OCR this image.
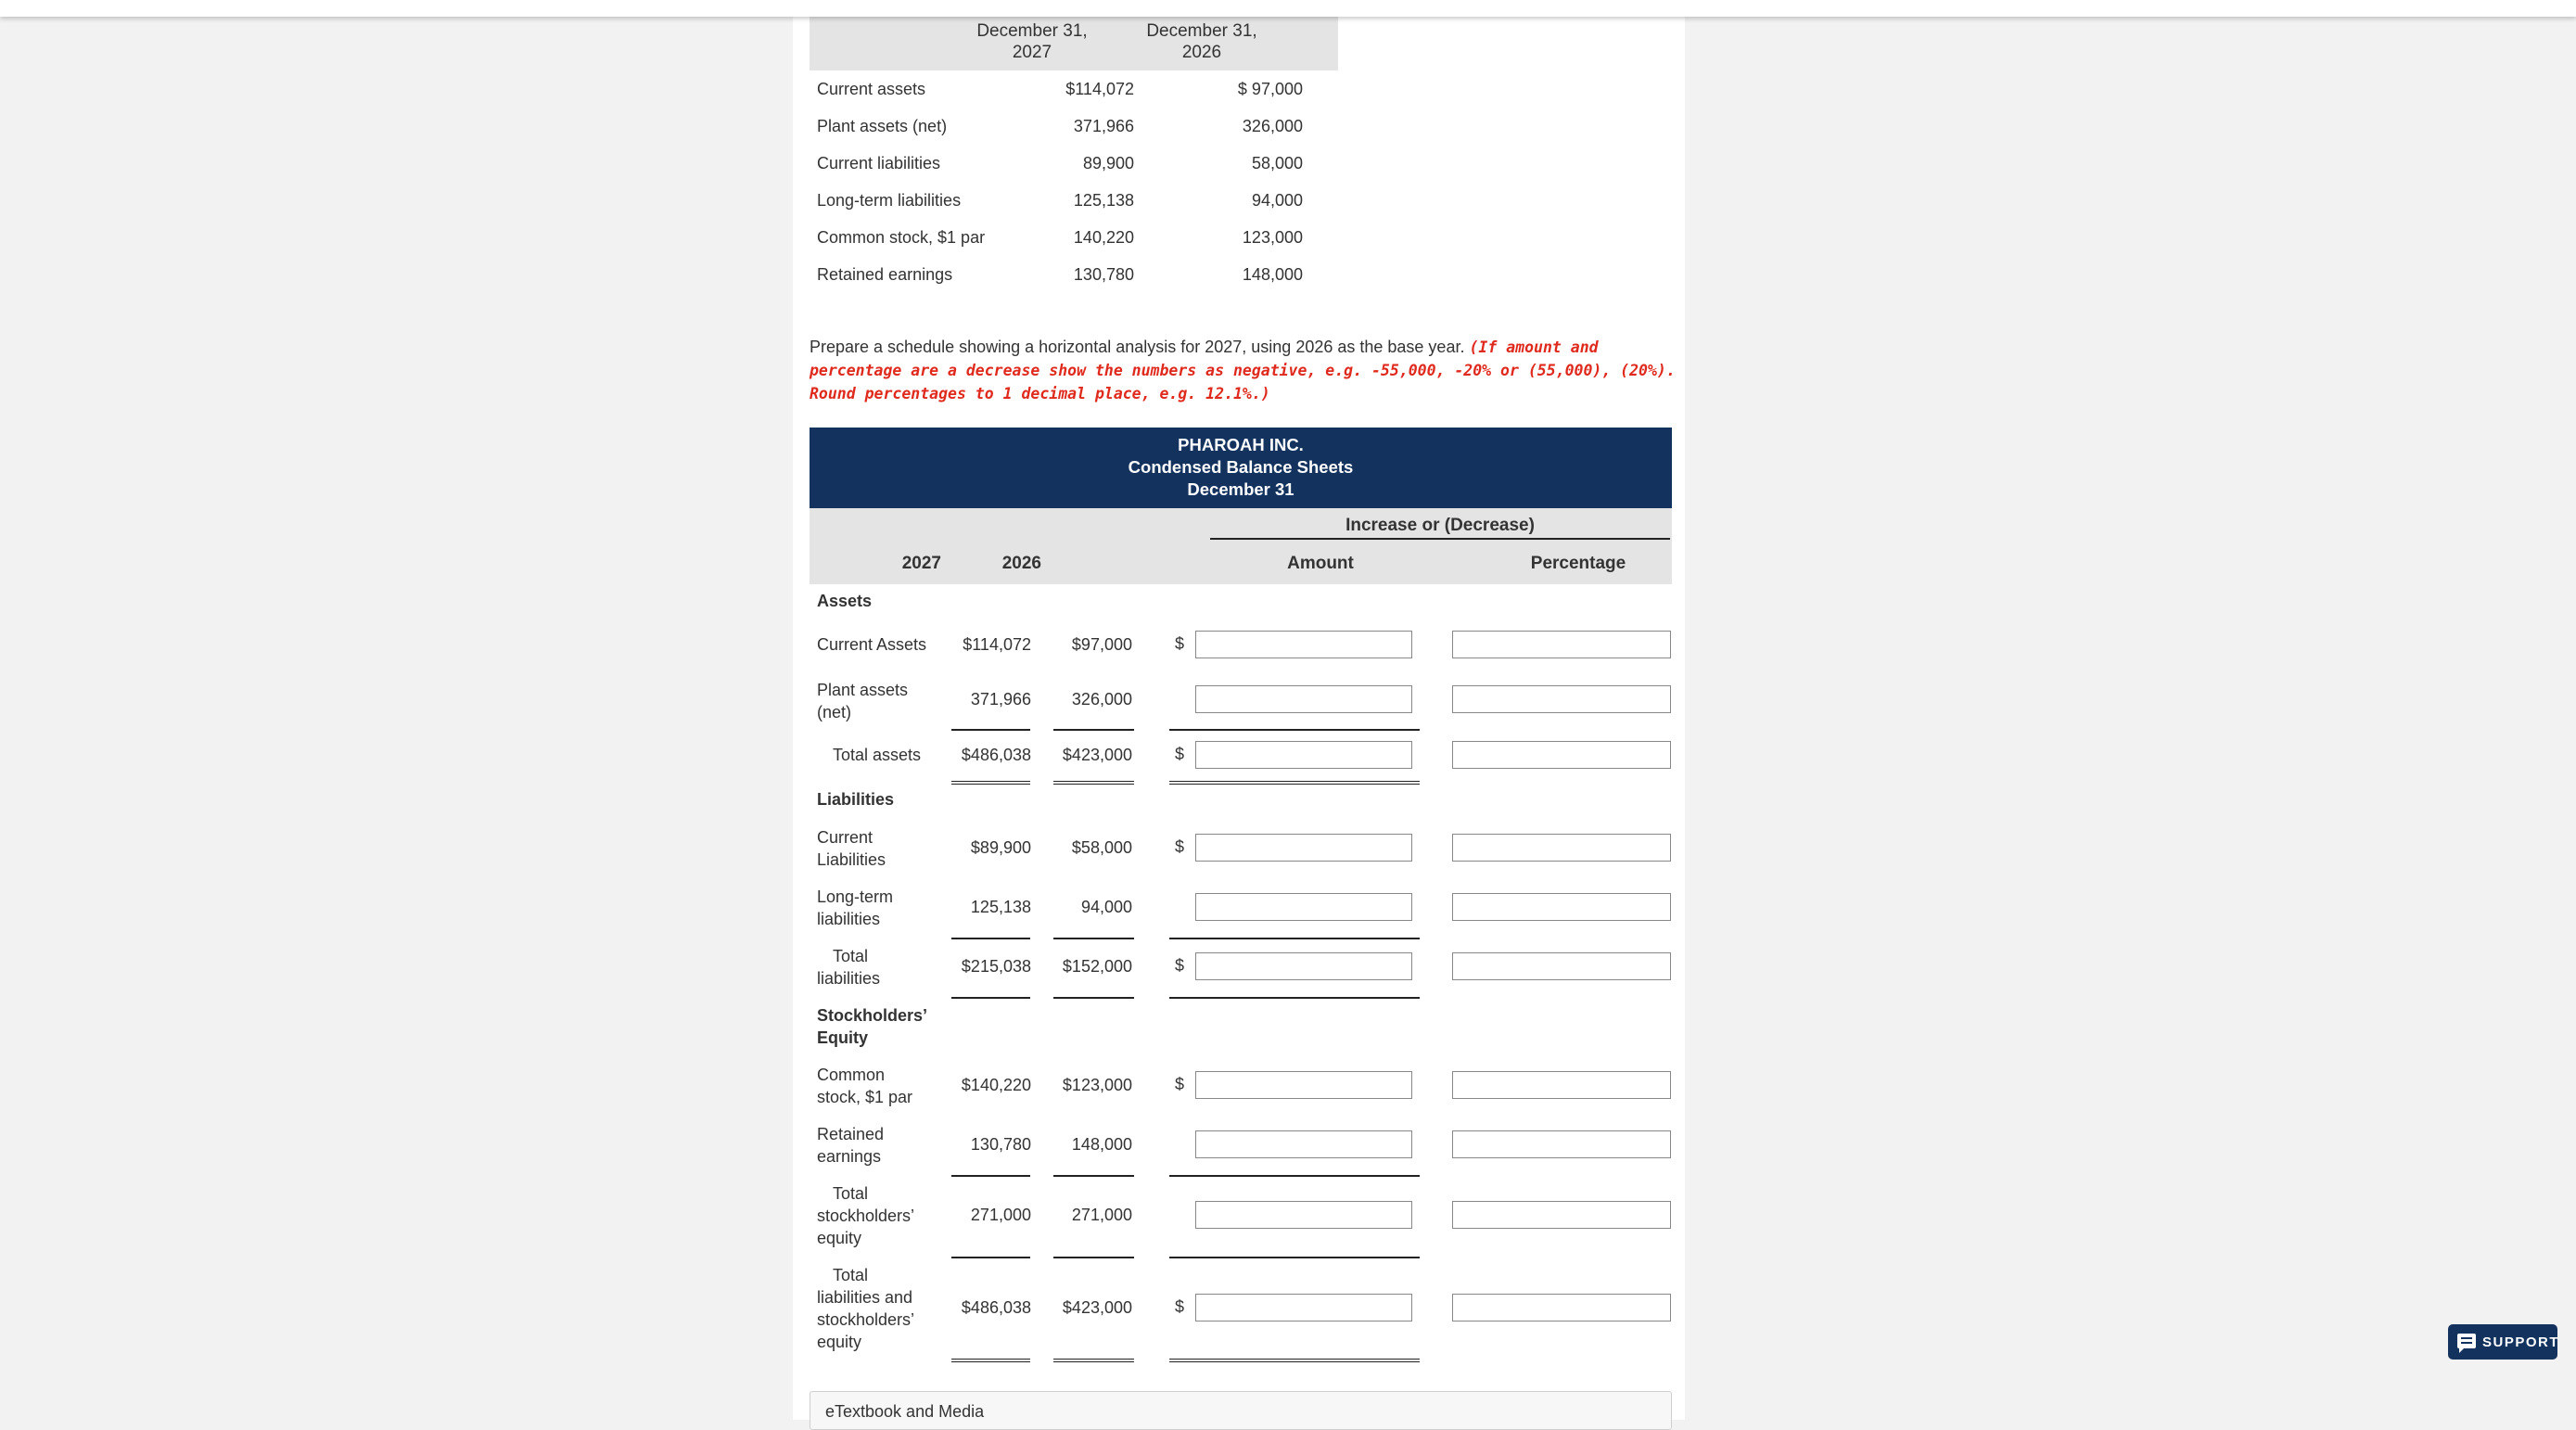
December 31,
2027
December 31,
2026
Current assets	$114,072	$ 97,000
Plant assets (net)	371,966	326,000
Current liabilities	89,900	58,000
Long-term liabilities	125,138	94,000
Common stock, $1 par	140,220	123,000
Retained earnings	130,780	148,000
Prepare a schedule showing a horizontal analysis for 2027, using 2026 as the base year. (If amount and percentage are a decrease show the numbers as negative, e.g. -55,000, -20% or (55,000), (20%). Round percentages to 1 decimal place, e.g. 12.1%.)
PHAROAH INC.
Condensed Balance Sheets
December 31
Increase or (Decrease)
2027	2026	Amount	Percentage
Assets
Current Assets	$114,072	$97,000	$
Plant assets
(net)
371,966	326,000
Total assets	$486,038	$423,000	$
Liabilities
Current
Liabilities
$89,900	$58,000	$
Long-term
liabilities
125,138	94,000
Total
liabilities
$215,038	$152,000	$
Stockholders’
Equity
Common
stock, $1 par
$140,220	$123,000	$
Retained
earnings
130,780	148,000
Total
stockholders’
equity
271,000	271,000
Total
liabilities and
stockholders’
equity
$486,038	$423,000	$
eTextbook and Media
SUPPORT
